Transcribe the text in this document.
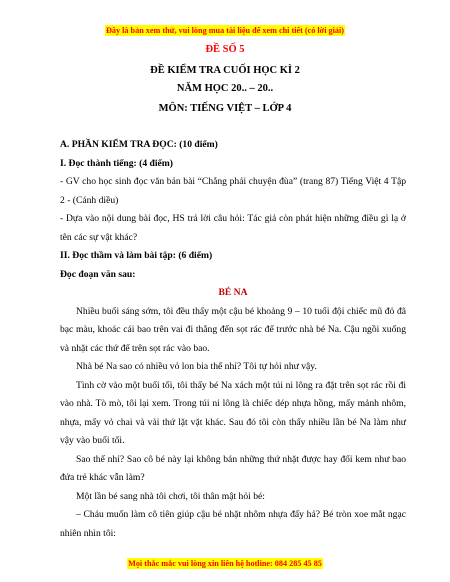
Đây là bản xem thử, vui lòng mua tài liệu để xem chi tiết (có lời giải)
ĐỀ SỐ 5
ĐỀ KIỂM TRA CUỐI HỌC KÌ 2
NĂM HỌC 20.. – 20..
MÔN: TIẾNG VIỆT – LỚP 4

A. PHẦN KIỂM TRA ĐỌC: (10 điểm)

I. Đọc thành tiếng: (4 điểm)

- GV cho học sinh đọc văn bản bài “Chẳng phải chuyện đùa” (trang 87) Tiếng Việt 4 Tập 2 - (Cánh diều)

- Dựa vào nội dung bài đọc, HS trả lời câu hỏi: Tác giả còn phát hiện những điều gì lạ ở tên các sự vật khác?

II. Đọc thầm và làm bài tập: (6 điểm)

Đọc đoạn văn sau:

BÉ NA

Nhiều buổi sáng sớm, tôi đều thấy một cậu bé khoảng 9 – 10 tuổi đội chiếc mũ đỏ đã bạc màu, khoác cái bao trên vai đi thẳng đến sọt rác để trước nhà bé Na. Cậu ngồi xuống và nhặt các thứ để trên sọt rác vào bao.

Nhà bé Na sao có nhiều vỏ lon bia thế nhỉ? Tôi tự hỏi như vậy.

Tình cờ vào một buổi tối, tôi thấy bé Na xách một túi ni lông ra đặt trên sọt rác rồi đi vào nhà. Tò mò, tôi lại xem. Trong túi ni lông là chiếc dép nhựa hồng, mấy mảnh nhôm, nhựa, mấy vỏ chai và vài thứ lặt vặt khác. Sau đó tôi còn thấy nhiều lần bé Na làm như vậy vào buổi tối.

Sao thế nhỉ? Sao cô bé này lại không bán những thứ nhặt được hay đổi kem như bao đứa trẻ khác vẫn làm?

Một lần bé sang nhà tôi chơi, tôi thân mật hỏi bé:

– Cháu muốn làm cô tiên giúp cậu bé nhặt nhôm nhựa đấy hả? Bé tròn xoe mắt ngạc nhiên nhìn tôi:

Mọi thắc mắc vui lòng xin liên hệ hotline: 084 285 45 85
